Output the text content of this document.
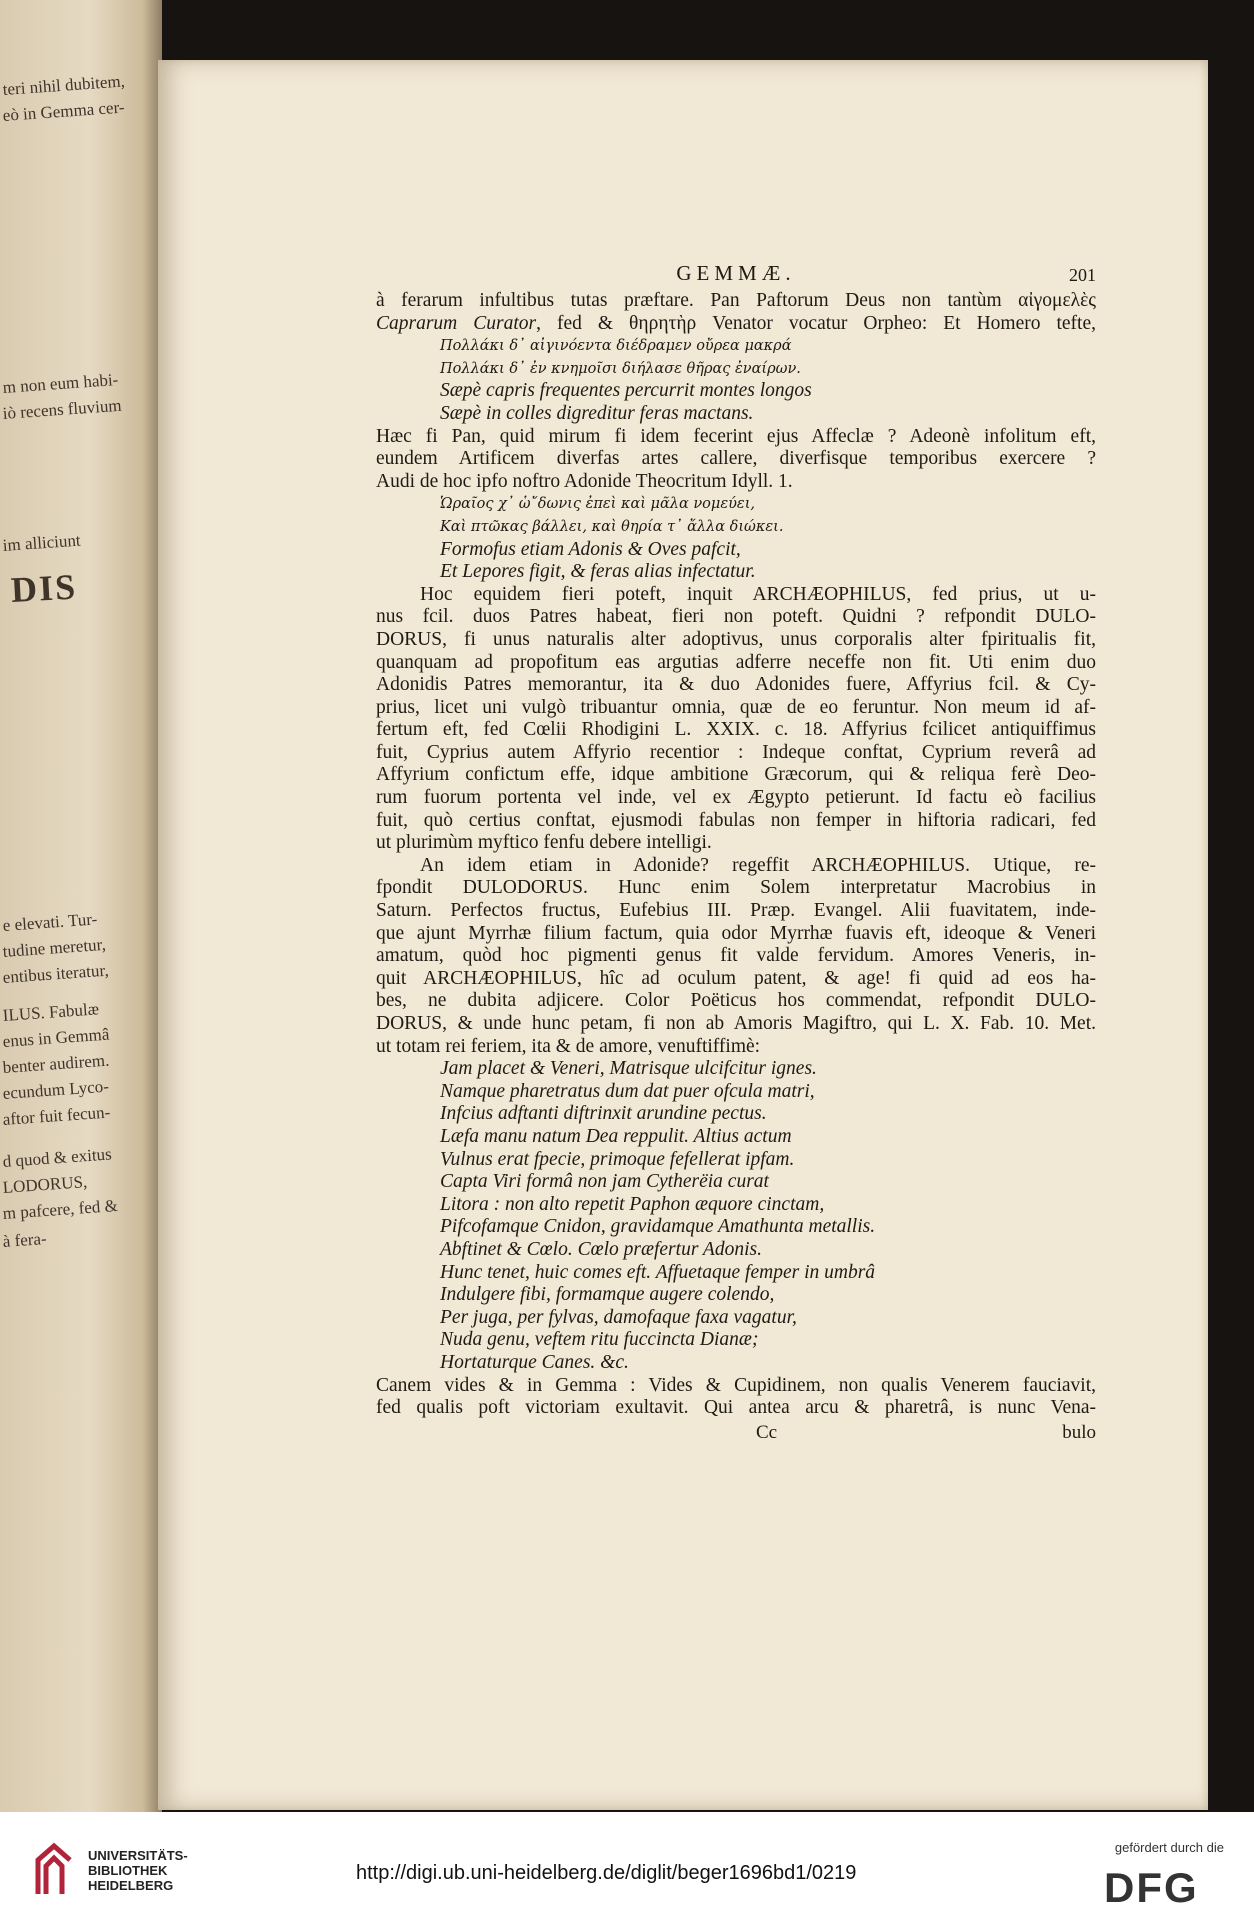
teri nihil dubitem,
eò in Gemma cer-
m non eum habi-
iò recens fluvium
im alliciunt
DIS
e elevati. Tur-
tudine meretur,
entibus iteratur,
ILUS. Fabulæ
enus in Gemmâ
benter audirem.
ecundum Lyco-
aftor fuit fecun-
d quod & exitus
LODORUS,
m pafcere, fed &
à fera-
GEMMÆ.	201
à ferarum infultibus tutas præftare. Pan Paftorum Deus non tantùm αἰγομελὲς
Caprarum Curator, fed & θηρητὴρ Venator vocatur Orpheo: Et Homero tefte,
Πολλάκι δ᾽ αἰγινόεντα διέδραμεν οὔρεα μακρά
Πολλάκι δ᾽ ἐν κνημοῖσι διήλασε θῆρας ἐναίρων.
Sæpè capris frequentes percurrit montes longos
Sæpè in colles digreditur feras mactans.
Hæc fi Pan, quid mirum fi idem fecerint ejus Affeclæ ? Adeonè infolitum eft,
eundem Artificem diverfas artes callere, diverfisque temporibus exercere ?
Audi de hoc ipfo noftro Adonide Theocritum Idyll. 1.
Ὡραῖος χ᾽ ὡ῎δωνις ἐπεὶ καὶ μᾶλα νομεύει,
Καὶ πτῶκας βάλλει, καὶ θηρία τ᾽ ἄλλα διώκει.
Formofus etiam Adonis & Oves pafcit,
Et Lepores figit, & feras alias infectatur.
Hoc equidem fieri poteft, inquit ARCHÆOPHILUS, fed prius, ut u-
nus fcil. duos Patres habeat, fieri non poteft. Quidni ? refpondit DULO-
DORUS, fi unus naturalis alter adoptivus, unus corporalis alter fpiritualis fit,
quanquam ad propofitum eas argutias adferre neceffe non fit. Uti enim duo
Adonidis Patres memorantur, ita & duo Adonides fuere, Affyrius fcil. & Cy-
prius, licet uni vulgò tribuantur omnia, quæ de eo feruntur. Non meum id af-
fertum eft, fed Cœlii Rhodigini L. XXIX. c. 18. Affyrius fcilicet antiquiffimus
fuit, Cyprius autem Affyrio recentior : Indeque conftat, Cyprium reverâ ad
Affyrium confictum effe, idque ambitione Græcorum, qui & reliqua ferè Deo-
rum fuorum portenta vel inde, vel ex Ægypto petierunt. Id factu eò facilius
fuit, quò certius conftat, ejusmodi fabulas non femper in hiftoria radicari, fed
ut plurimùm myftico fenfu debere intelligi.
An idem etiam in Adonide? regeffit ARCHÆOPHILUS. Utique, re-
fpondit DULODORUS. Hunc enim Solem interpretatur Macrobius in
Saturn. Perfectos fructus, Eufebius III. Præp. Evangel. Alii fuavitatem, inde-
que ajunt Myrrhæ filium factum, quia odor Myrrhæ fuavis eft, ideoque & Veneri
amatum, quòd hoc pigmenti genus fit valde fervidum. Amores Veneris, in-
quit ARCHÆOPHILUS, hîc ad oculum patent, & age! fi quid ad eos ha-
bes, ne dubita adjicere. Color Poëticus hos commendat, refpondit DULO-
DORUS, & unde hunc petam, fi non ab Amoris Magiftro, qui L. X. Fab. 10. Met.
ut totam rei feriem, ita & de amore, venuftiffimè:
Jam placet & Veneri, Matrisque ulcifcitur ignes.
Namque pharetratus dum dat puer ofcula matri,
Infcius adftanti diftrinxit arundine pectus.
Læfa manu natum Dea reppulit. Altius actum
Vulnus erat fpecie, primoque fefellerat ipfam.
Capta Viri formâ non jam Cytherëia curat
Litora : non alto repetit Paphon æquore cinctam,
Pifcofamque Cnidon, gravidamque Amathunta metallis.
Abftinet & Cœlo. Cœlo præfertur Adonis.
Hunc tenet, huic comes eft. Affuetaque femper in umbrâ
Indulgere fibi, formamque augere colendo,
Per juga, per fylvas, damofaque faxa vagatur,
Nuda genu, veftem ritu fuccincta Dianæ;
Hortaturque Canes. &c.
Canem vides & in Gemma : Vides & Cupidinem, non qualis Venerem fauciavit,
fed qualis poft victoriam exultavit. Qui antea arcu & pharetrâ, is nunc Vena-
Cc	bulo
UNIVERSITÄTS-
BIBLIOTHEK
HEIDELBERG
http://digi.ub.uni-heidelberg.de/diglit/beger1696bd1/0219
gefördert durch die
DFG
